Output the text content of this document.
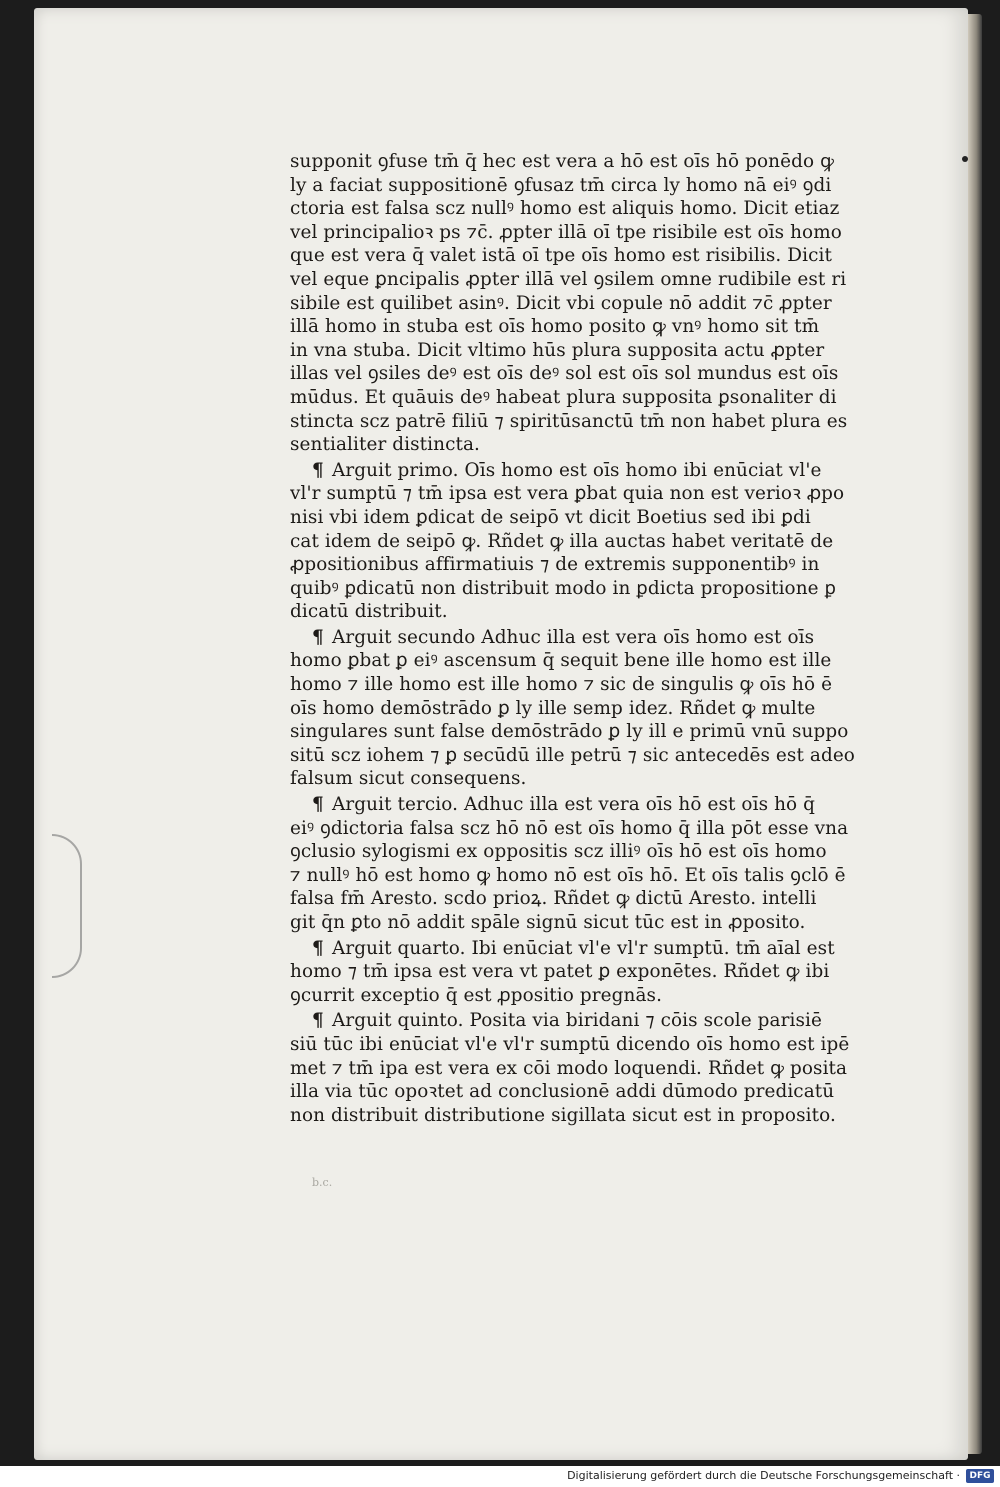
supponit ꝯfuse tm̄ q̄ hec est vera a hō est oīs hō ponēdo ꝙ
ly a faciat suppositionē ꝯfusaz tm̄ circa ly homo nā eiꝰ ꝯdi
ctoria est falsa scz nullꝰ homo est aliquis homo. Dicit etiaz
vel principalioꝛ ps ⁊c̄. ꝓpter illā oī tpe risibile est oīs homo
que est vera q̄ valet istā oī tpe oīs homo est risibilis. Dicit
vel eque ꝑncipalis ꝓpter illā vel ꝯsilem omne rudibile est ri
sibile est quilibet asinꝰ. Dicit vbi copule nō addit ⁊c̄ ꝓpter
illā homo in stuba est oīs homo posito ꝙ vnꝰ homo sit tm̄
in vna stuba. Dicit vltimo hūs plura supposita actu ꝓpter
illas vel ꝯsiles deꝰ est oīs deꝰ sol est oīs sol mundus est oīs
mūdus. Et quāuis deꝰ habeat plura supposita ꝑsonaliter di
stincta scz patrē filiū ⁊ spiritūsanctū tm̄ non habet plura es
sentialiter distincta.

¶ Arguit primo. Oīs homo est oīs homo ibi enūciat vl'e
vl'r sumptū ⁊ tm̄ ipsa est vera ꝑbat quia non est verioꝛ ꝓpo
nisi vbi idem ꝑdicat de seipō vt dicit Boetius sed ibi ꝑdi
cat idem de seipō ꝙ. Rñdet ꝙ illa auctas habet veritatē de
ꝓpositionibus affirmatiuis ⁊ de extremis supponentibꝰ in
quibꝰ ꝑdicatū non distribuit modo in ꝑdicta propositione ꝑ
dicatū distribuit.

¶ Arguit secundo Adhuc illa est vera oīs homo est oīs
homo ꝑbat ꝑ eiꝰ ascensum q̄ sequit bene ille homo est ille
homo ⁊ ille homo est ille homo ⁊ sic de singulis ꝙ oīs hō ē
oīs homo demōstrādo ꝑ ly ille semp idez. Rñdet ꝙ multe
singulares sunt false demōstrādo ꝑ ly ill e primū vnū suppo
sitū scz iohem ⁊ ꝑ secūdū ille petrū ⁊ sic antecedēs est adeo
falsum sicut consequens.

¶ Arguit tercio. Adhuc illa est vera oīs hō est oīs hō q̄
eiꝰ ꝯdictoria falsa scz hō nō est oīs homo q̄ illa pōt esse vna
ꝯclusio sylogismi ex oppositis scz illiꝰ oīs hō est oīs homo
⁊ nullꝰ hō est homo ꝙ homo nō est oīs hō. Et oīs talis ꝯclō ē
falsa fm̄ Aresto. scdo prioꝝ. Rñdet ꝙ dictū Aresto. intelli
git q̄n ꝑto nō addit spāle signū sicut tūc est in ꝓposito.

¶ Arguit quarto. Ibi enūciat vl'e vl'r sumptū. tm̄ aīal est
homo ⁊ tm̄ ipsa est vera vt patet ꝑ exponētes. Rñdet ꝙ ibi
ꝯcurrit exceptio q̄ est ꝓpositio pregnās.

¶ Arguit quinto. Posita via biridani ⁊ cōis scole parisiē
siū tūc ibi enūciat vl'e vl'r sumptū dicendo oīs homo est ipē
met ⁊ tm̄ ipa est vera ex cōi modo loquendi. Rñdet ꝙ posita
illa via tūc opoꝛtet ad conclusionē addi dūmodo predicatū
non distribuit distributione sigillata sicut est in proposito.

b.c.
Digitalisierung gefördert durch die Deutsche Forschungsgemeinschaft ·	DFG
